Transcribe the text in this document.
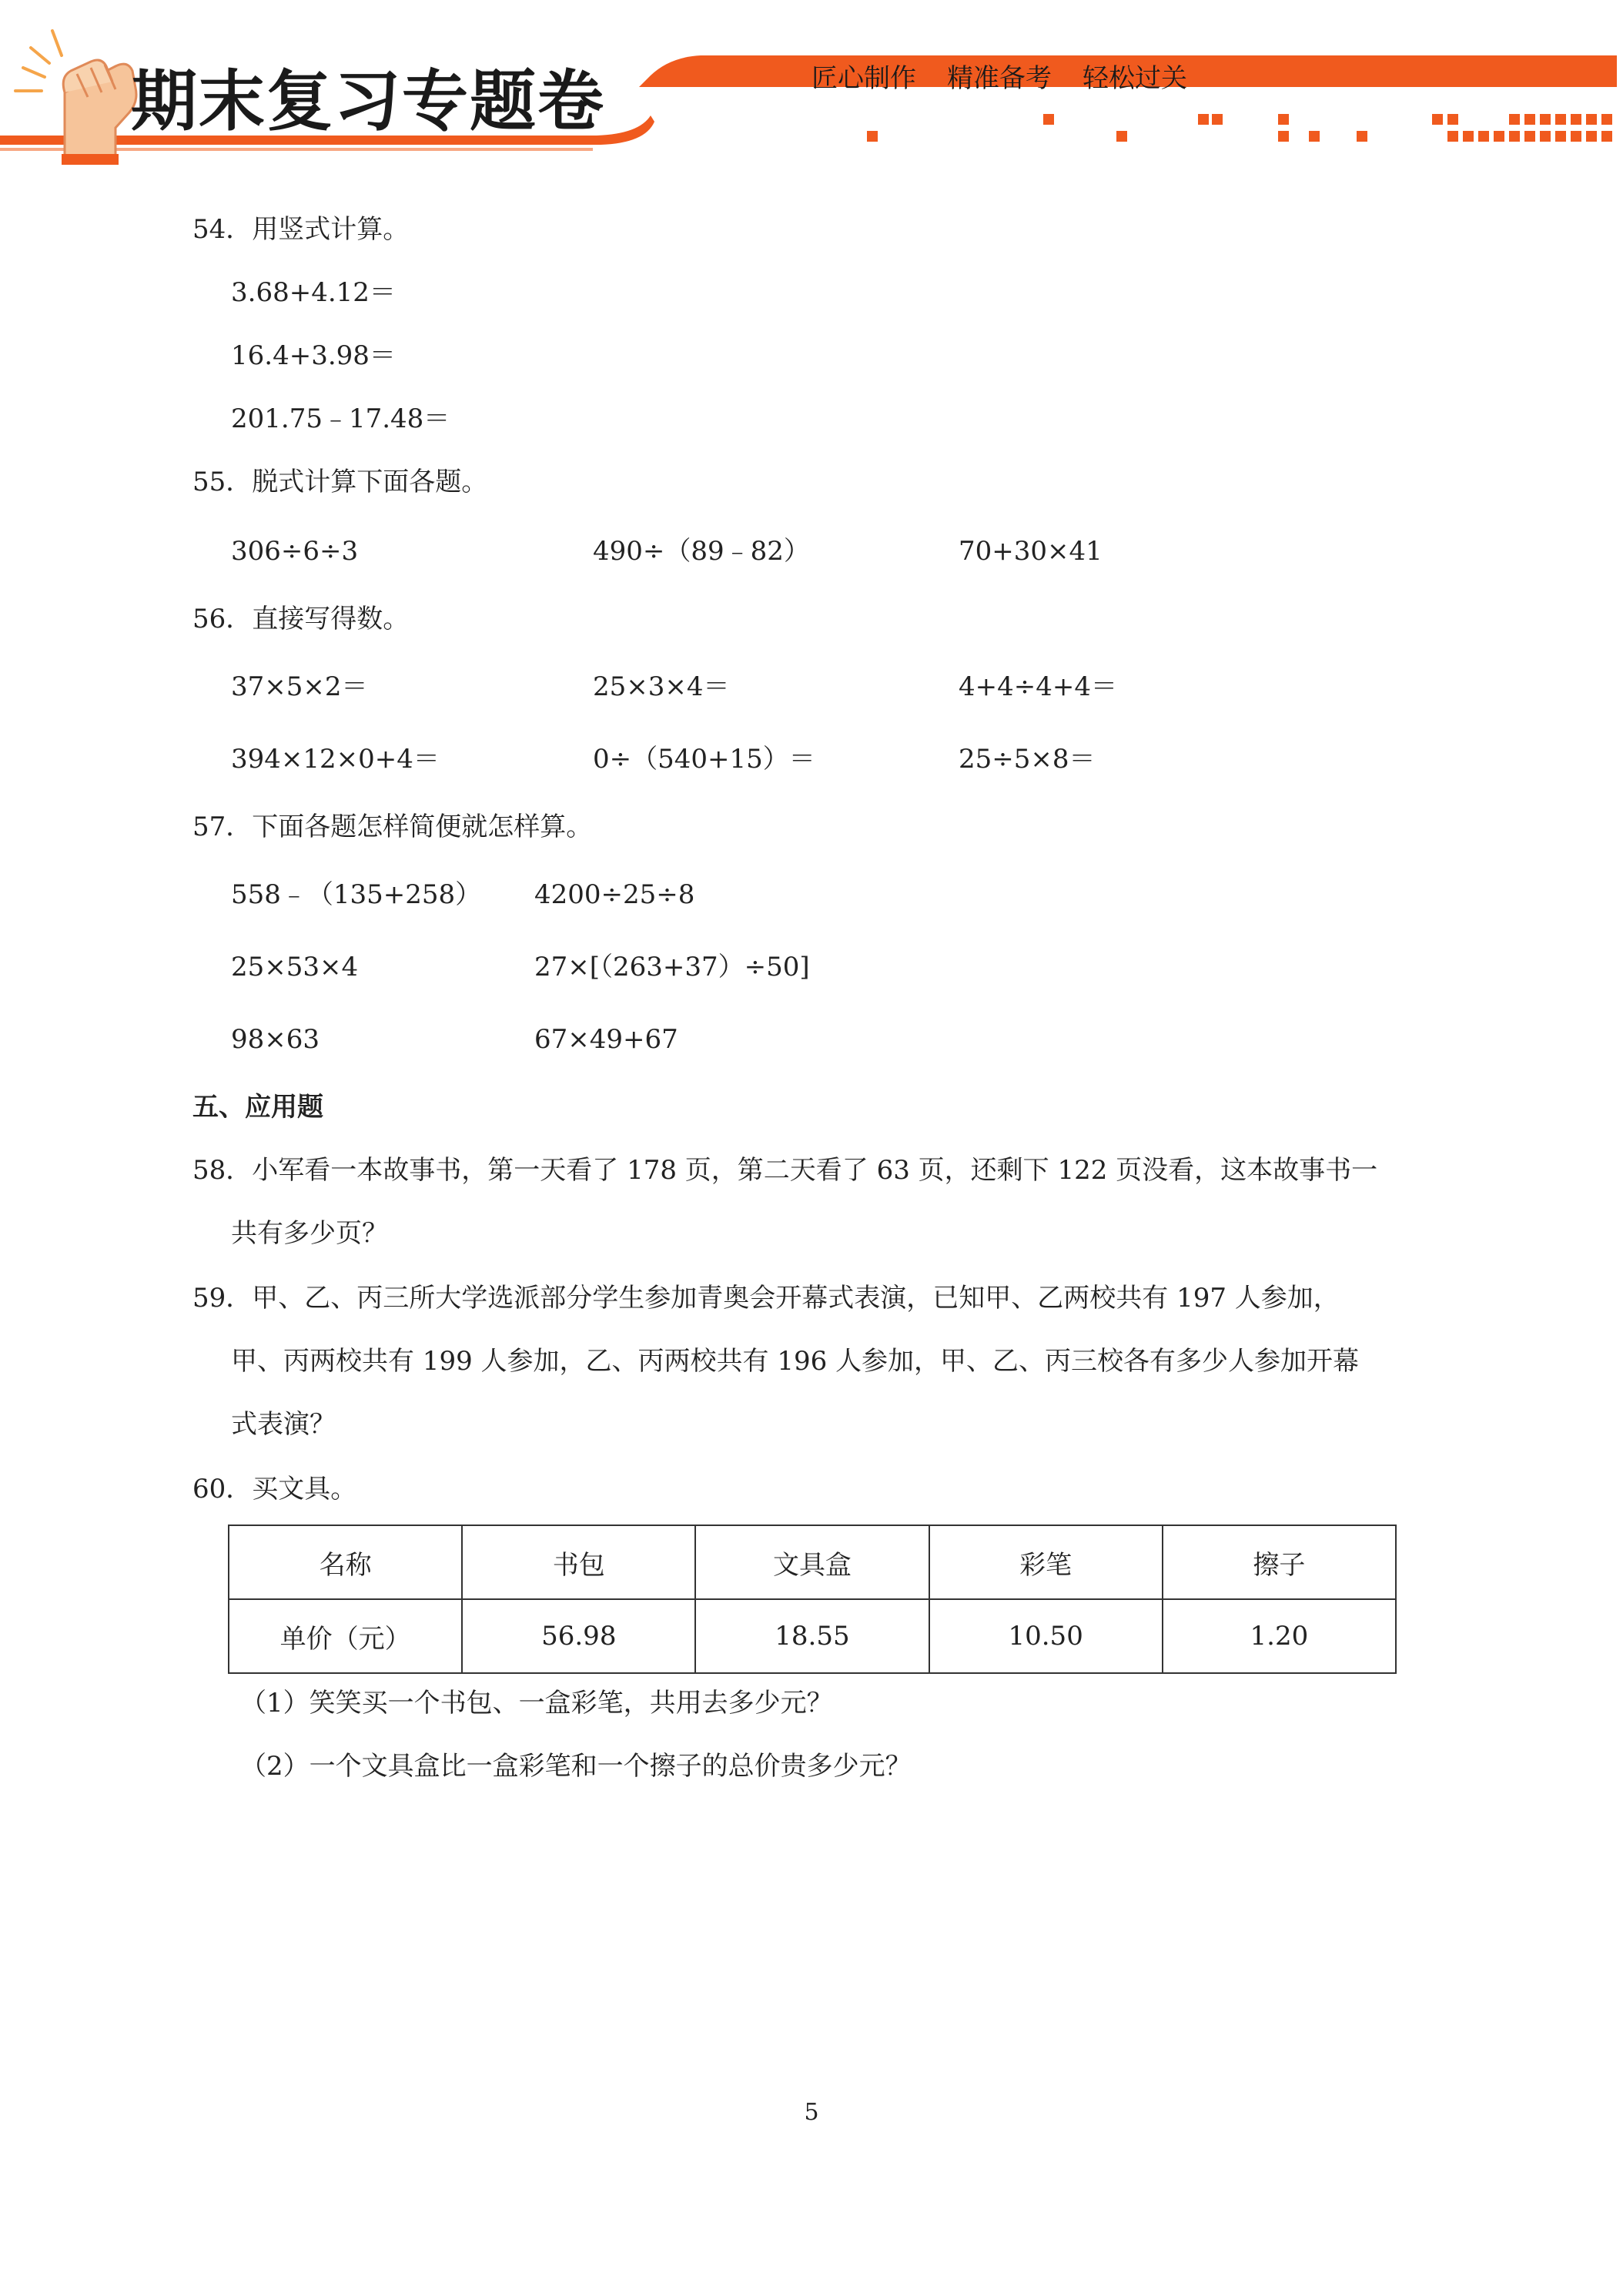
期末复习专题卷	匠心制作 精准备考 轻松过关
54．用竖式计算。
3.68+4.12＝
16.4+3.98＝
201.75﹣17.48＝
55．脱式计算下面各题。
306÷6÷3	490÷（89﹣82）	70+30×41
56．直接写得数。
37×5×2＝	25×3×4＝	4+4÷4+4＝
394×12×0+4＝	0÷（540+15）＝	25÷5×8＝
57．下面各题怎样简便就怎样算。
558﹣（135+258） 4200÷25÷8
25×53×4	27×[（263+37）÷50]
98×63	67×49+67
五、应用题
58．小军看一本故事书，第一天看了 178 页，第二天看了 63 页，还剩下 122 页没看，这本故事书一
共有多少页？
59．甲、乙、丙三所大学选派部分学生参加青奥会开幕式表演，已知甲、乙两校共有 197 人参加，
甲、丙两校共有 199 人参加，乙、丙两校共有 196 人参加，甲、乙、丙三校各有多少人参加开幕
式表演？
60．买文具。
名称	书包	文具盒	彩笔	擦子
单价（元）	56.98	18.55	10.50	1.20
（1）笑笑买一个书包、一盒彩笔，共用去多少元？
（2）一个文具盒比一盒彩笔和一个擦子的总价贵多少元？
5
